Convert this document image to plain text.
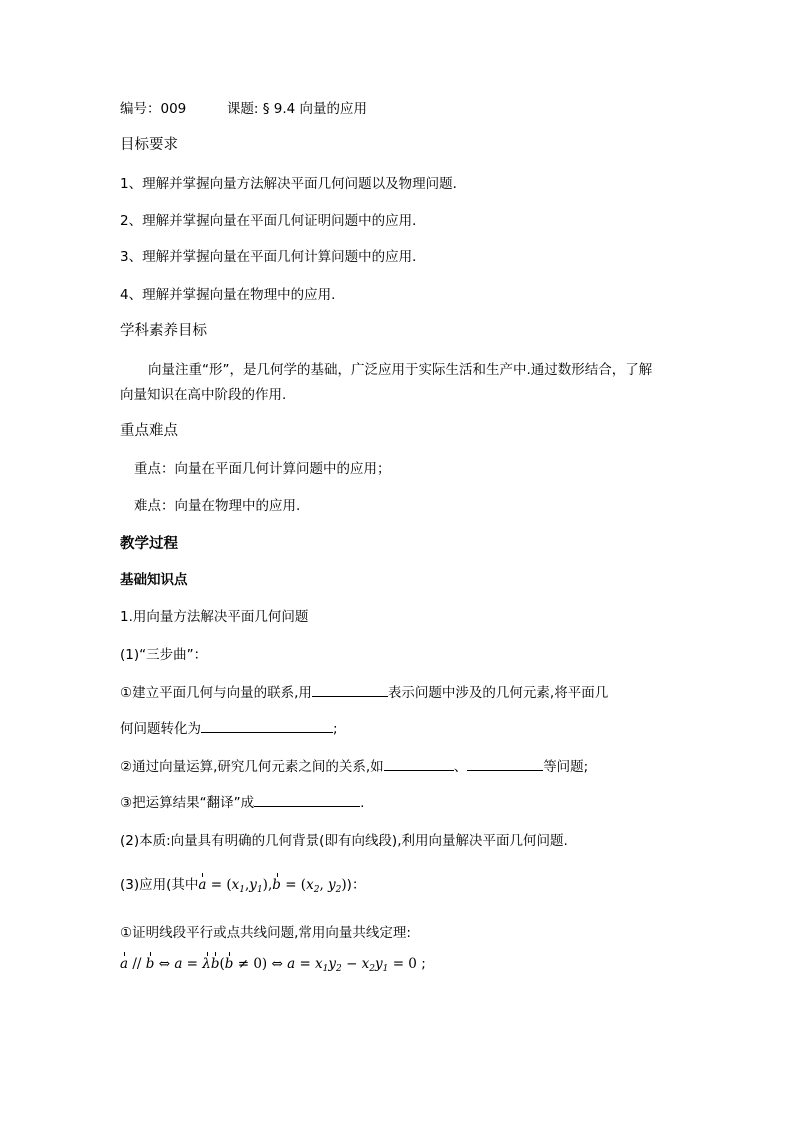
编号：009	课题: § 9.4 向量的应用
目标要求
1、理解并掌握向量方法解决平面几何问题以及物理问题．
2、理解并掌握向量在平面几何证明问题中的应用．
3、理解并掌握向量在平面几何计算问题中的应用．
4、理解并掌握向量在物理中的应用.
学科素养目标
向量注重“形”，是几何学的基础，广泛应用于实际生活和生产中.通过数形结合，了解
向量知识在高中阶段的作用.
重点难点
重点：向量在平面几何计算问题中的应用；
难点：向量在物理中的应用.
教学过程
基础知识点
1.用向量方法解决平面几何问题
(1)“三步曲”：
①建立平面几何与向量的联系,用	表示问题中涉及的几何元素,将平面几
何问题转化为	;
②通过向量运算,研究几何元素之间的关系,如	、	等问题;
③把运算结果“翻译”成	.
(2)本质:向量具有明确的几何背景(即有向线段),利用向量解决平面几何问题.
(3)应用(其中$a = (x_1,y_1),b = (x_2$, $y_2$))：
①证明线段平行或点共线问题,常用向量共线定理:
a // b ⇔ a = λb(b ≠ 0) ⇔ $a = x_1y_2 - x_2y_1 = 0$ ;
